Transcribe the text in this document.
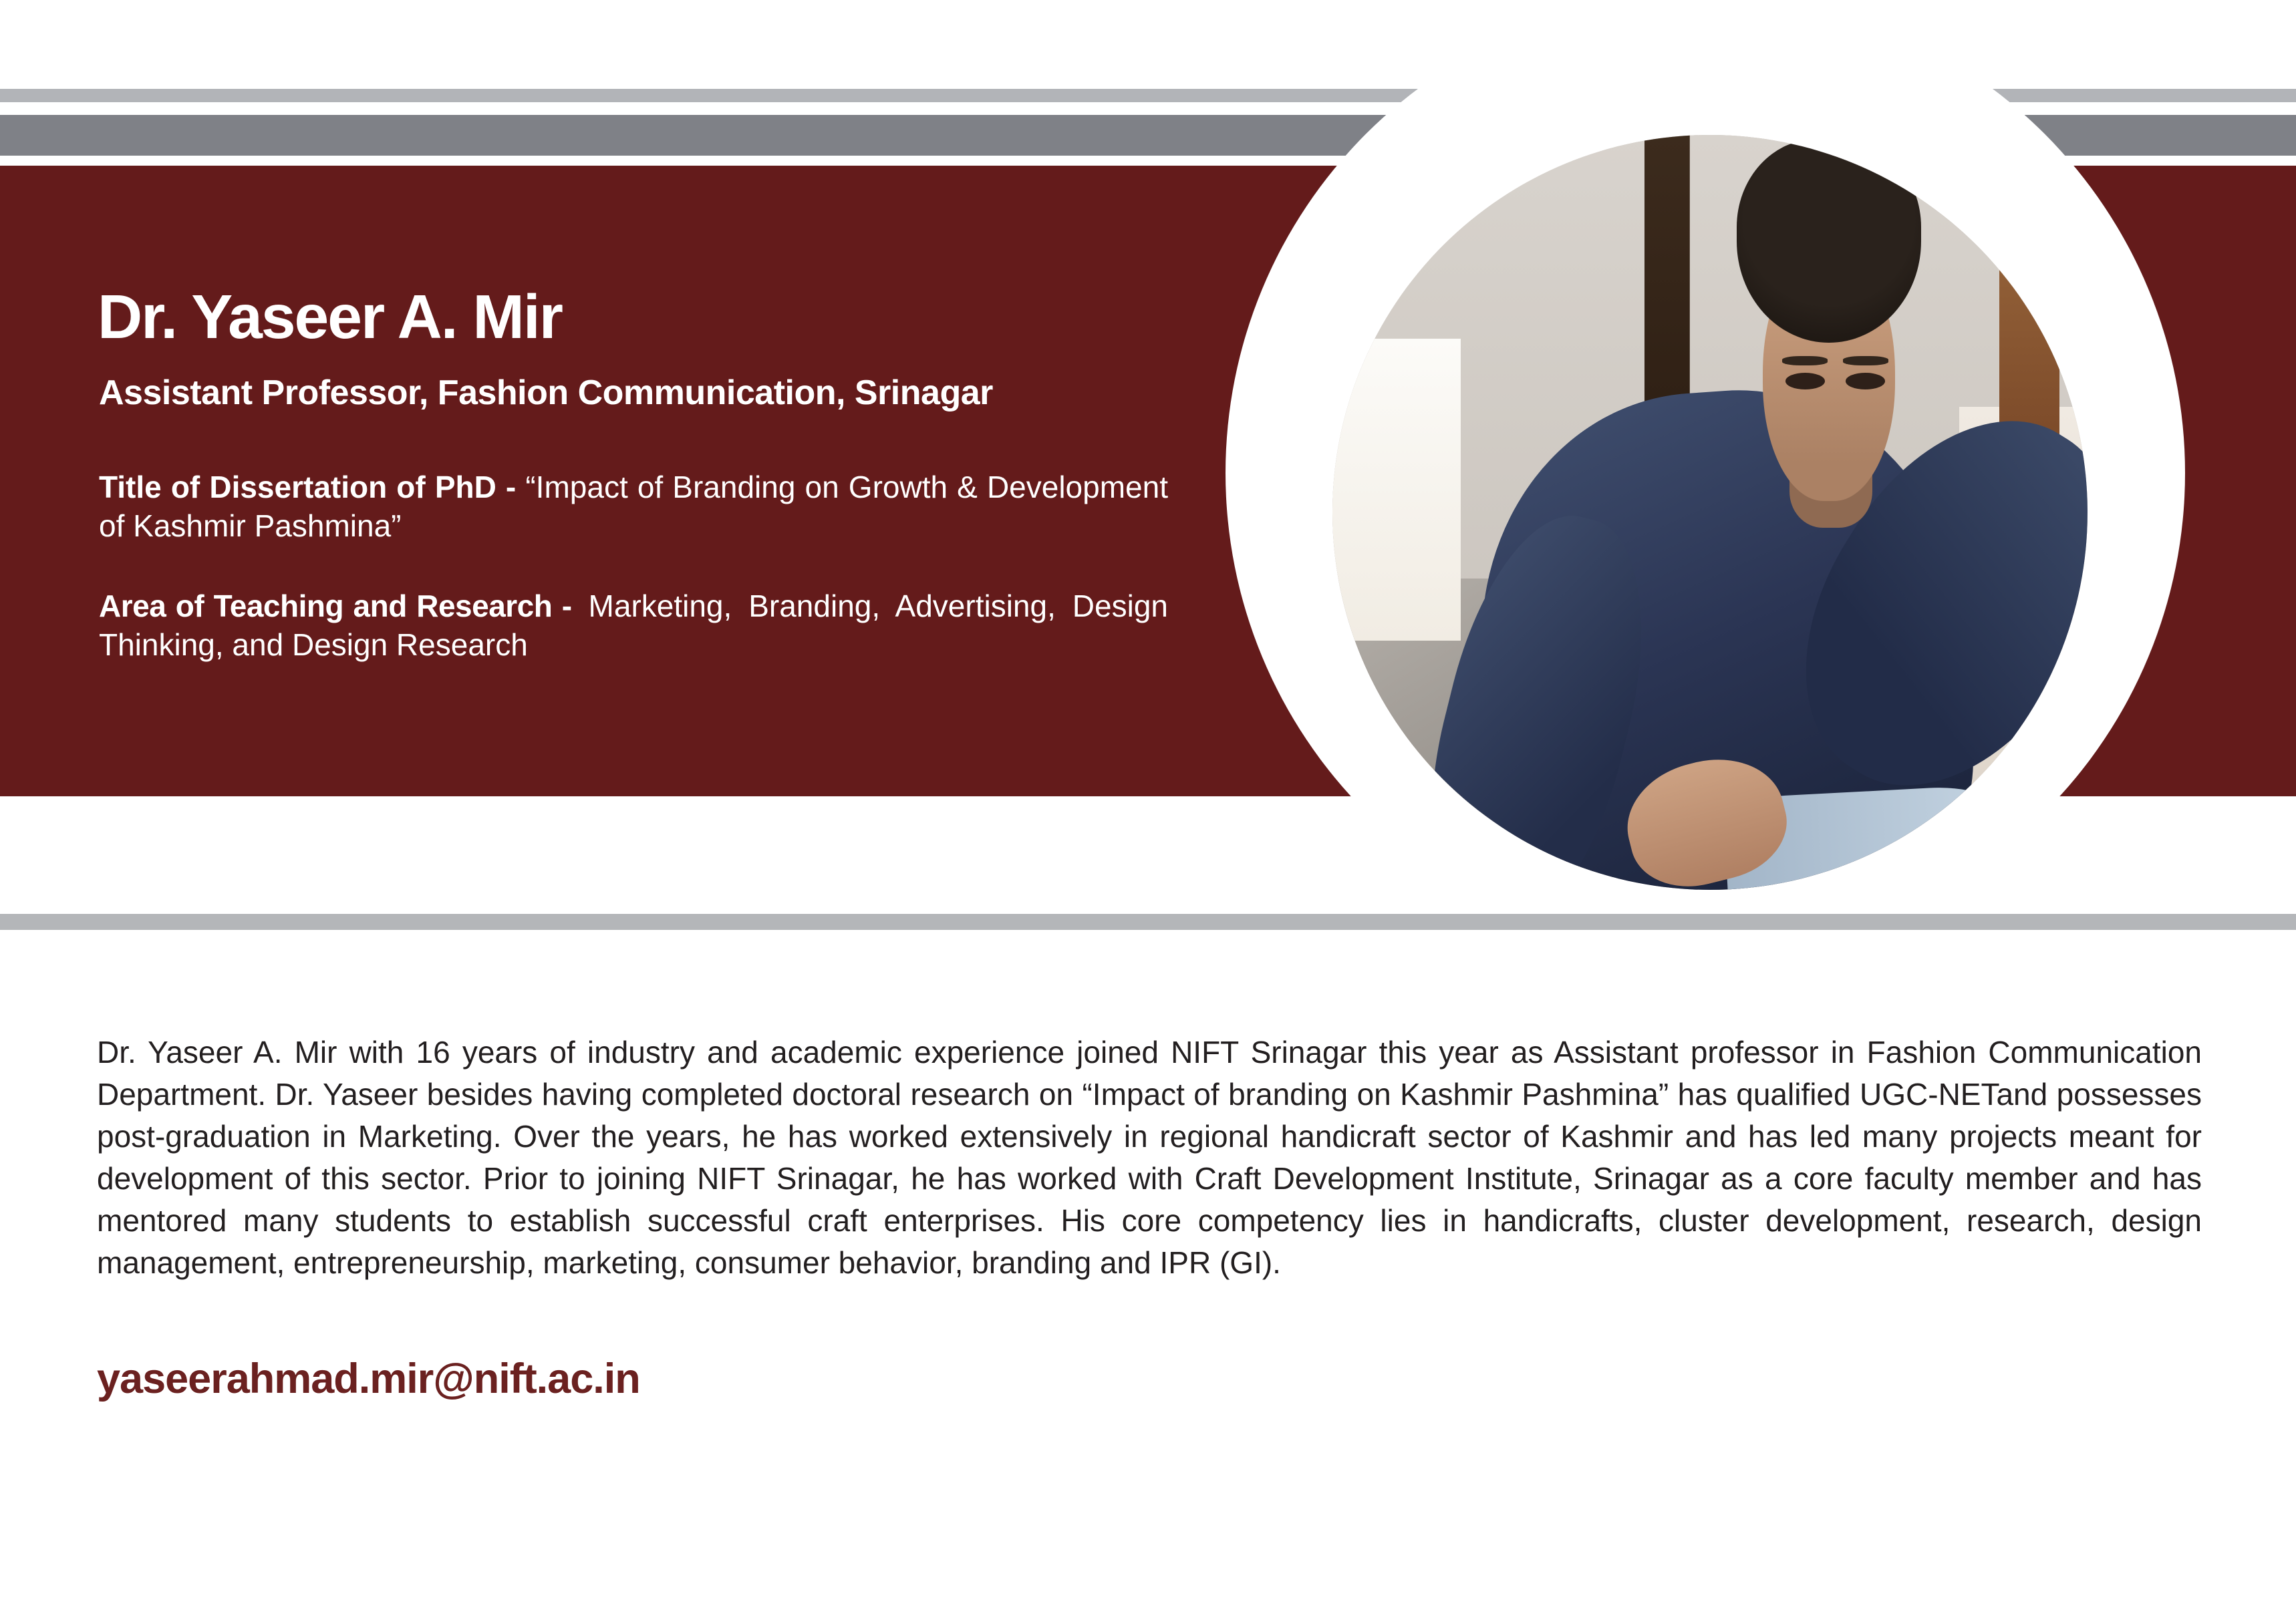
Dr. Yaseer A. Mir
Assistant Professor, Fashion Communication, Srinagar
Title of Dissertation of PhD - “Impact of Branding on Growth & Development of Kashmir Pashmina”
Area of Teaching and Research - Marketing, Branding, Advertising, Design Thinking, and Design Research

Dr. Yaseer A. Mir with 16 years of industry and academic experience joined NIFT Srinagar this year as Assistant professor in Fashion Communication Department. Dr. Yaseer besides having completed doctoral research on “Impact of branding on Kashmir Pashmina” has qualified UGC-NETand possesses post-graduation in Marketing. Over the years, he has worked extensively in regional handicraft sector of Kashmir and has led many projects meant for development of this sector. Prior to joining NIFT Srinagar, he has worked with Craft Development Institute, Srinagar as a core faculty member and has mentored many students to establish successful craft enterprises. His core competency lies in handicrafts, cluster development, research, design management, entrepreneurship, marketing, consumer behavior, branding and IPR (GI).

yaseerahmad.mir@nift.ac.in
